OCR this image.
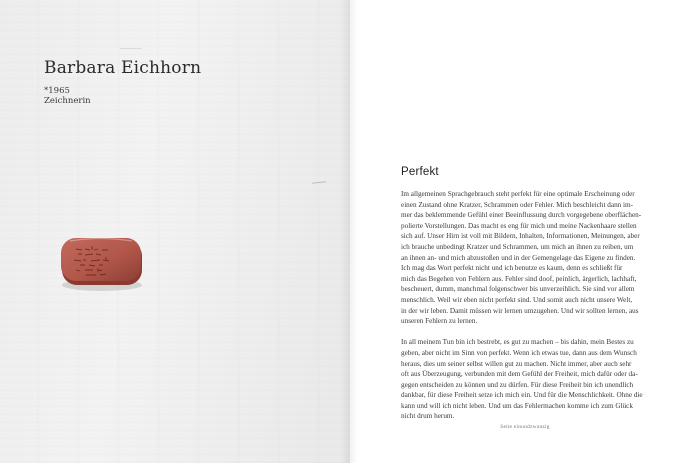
Barbara Eichhorn
*1965
Zeichnerin
Perfekt
Im allgemeinen Sprachgebrauch steht perfekt für eine optimale Erscheinung oder
einen Zustand ohne Kratzer, Schrammen oder Fehler. Mich beschleicht dann im-
mer das beklemmende Gefühl einer Beeinflussung durch vorgegebene oberflächen-
polierte Vorstellungen. Das macht es eng für mich und meine Nackenhaare stellen
sich auf. Unser Hirn ist voll mit Bildern, Inhalten, Informationen, Meinungen, aber
ich brauche unbedingt Kratzer und Schrammen, um mich an ihnen zu reiben, um
an ihnen an- und mich abzustoßen und in der Gemengelage das Eigene zu finden.
Ich mag das Wort perfekt nicht und ich benutze es kaum, denn es schließt für
mich das Begehen von Fehlern aus. Fehler sind doof, peinlich, ärgerlich, lachhaft,
bescheuert, dumm, manchmal folgenschwer bis unverzeihlich. Sie sind vor allem
menschlich. Weil wir eben nicht perfekt sind. Und somit auch nicht unsere Welt,
in der wir leben. Damit müssen wir lernen umzugehen. Und wir sollten lernen, aus
unseren Fehlern zu lernen.
In all meinem Tun bin ich bestrebt, es gut zu machen – bis dahin, mein Bestes zu
geben, aber nicht im Sinn von perfekt. Wenn ich etwas tue, dann aus dem Wunsch
heraus, dies um seiner selbst willen gut zu machen. Nicht immer, aber auch sehr
oft aus Überzeugung, verbunden mit dem Gefühl der Freiheit, mich dafür oder da-
gegen entscheiden zu können und zu dürfen. Für diese Freiheit bin ich unendlich
dankbar, für diese Freiheit setze ich mich ein. Und für die Menschlichkeit. Ohne die
kann und will ich nicht leben. Und um das Fehlermachen komme ich zum Glück
nicht drum herum.
Seite einundzwanzig
